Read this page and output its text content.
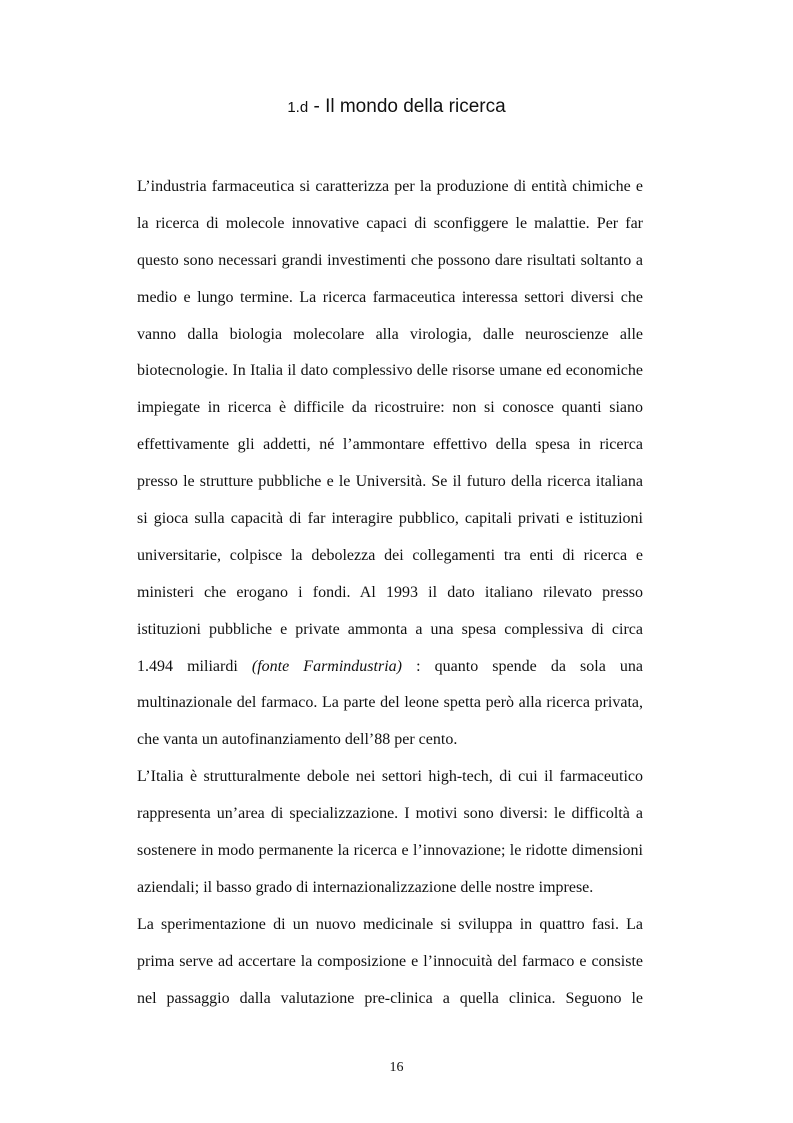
1.d - Il mondo della ricerca
L’industria farmaceutica si caratterizza per la produzione di entità chimiche e
la ricerca di molecole innovative capaci di sconfiggere le malattie. Per far
questo sono necessari grandi investimenti che possono dare risultati soltanto a
medio e lungo termine. La ricerca farmaceutica interessa settori diversi che
vanno dalla biologia molecolare alla virologia, dalle neuroscienze alle
biotecnologie. In Italia il dato complessivo delle risorse umane ed economiche
impiegate in ricerca è difficile da ricostruire: non si conosce quanti siano
effettivamente gli addetti, né l’ammontare effettivo della spesa in ricerca
presso le strutture pubbliche e le Università. Se il futuro della ricerca italiana
si gioca sulla capacità di far interagire pubblico, capitali privati e istituzioni
universitarie, colpisce la debolezza dei collegamenti tra enti di ricerca e
ministeri che erogano i fondi. Al 1993 il dato italiano rilevato presso
istituzioni pubbliche e private ammonta a una spesa complessiva di circa
1.494 miliardi (fonte Farmindustria) : quanto spende da sola una
multinazionale del farmaco. La parte del leone spetta però alla ricerca privata,
che vanta un autofinanziamento dell’88 per cento.
L’Italia è strutturalmente debole nei settori high-tech, di cui il farmaceutico
rappresenta un’area di specializzazione. I motivi sono diversi: le difficoltà a
sostenere in modo permanente la ricerca e l’innovazione; le ridotte dimensioni
aziendali; il basso grado di internazionalizzazione delle nostre imprese.
La sperimentazione di un nuovo medicinale si sviluppa in quattro fasi. La
prima serve ad accertare la composizione e l’innocuità del farmaco e consiste
nel passaggio dalla valutazione pre-clinica a quella clinica. Seguono le
16
